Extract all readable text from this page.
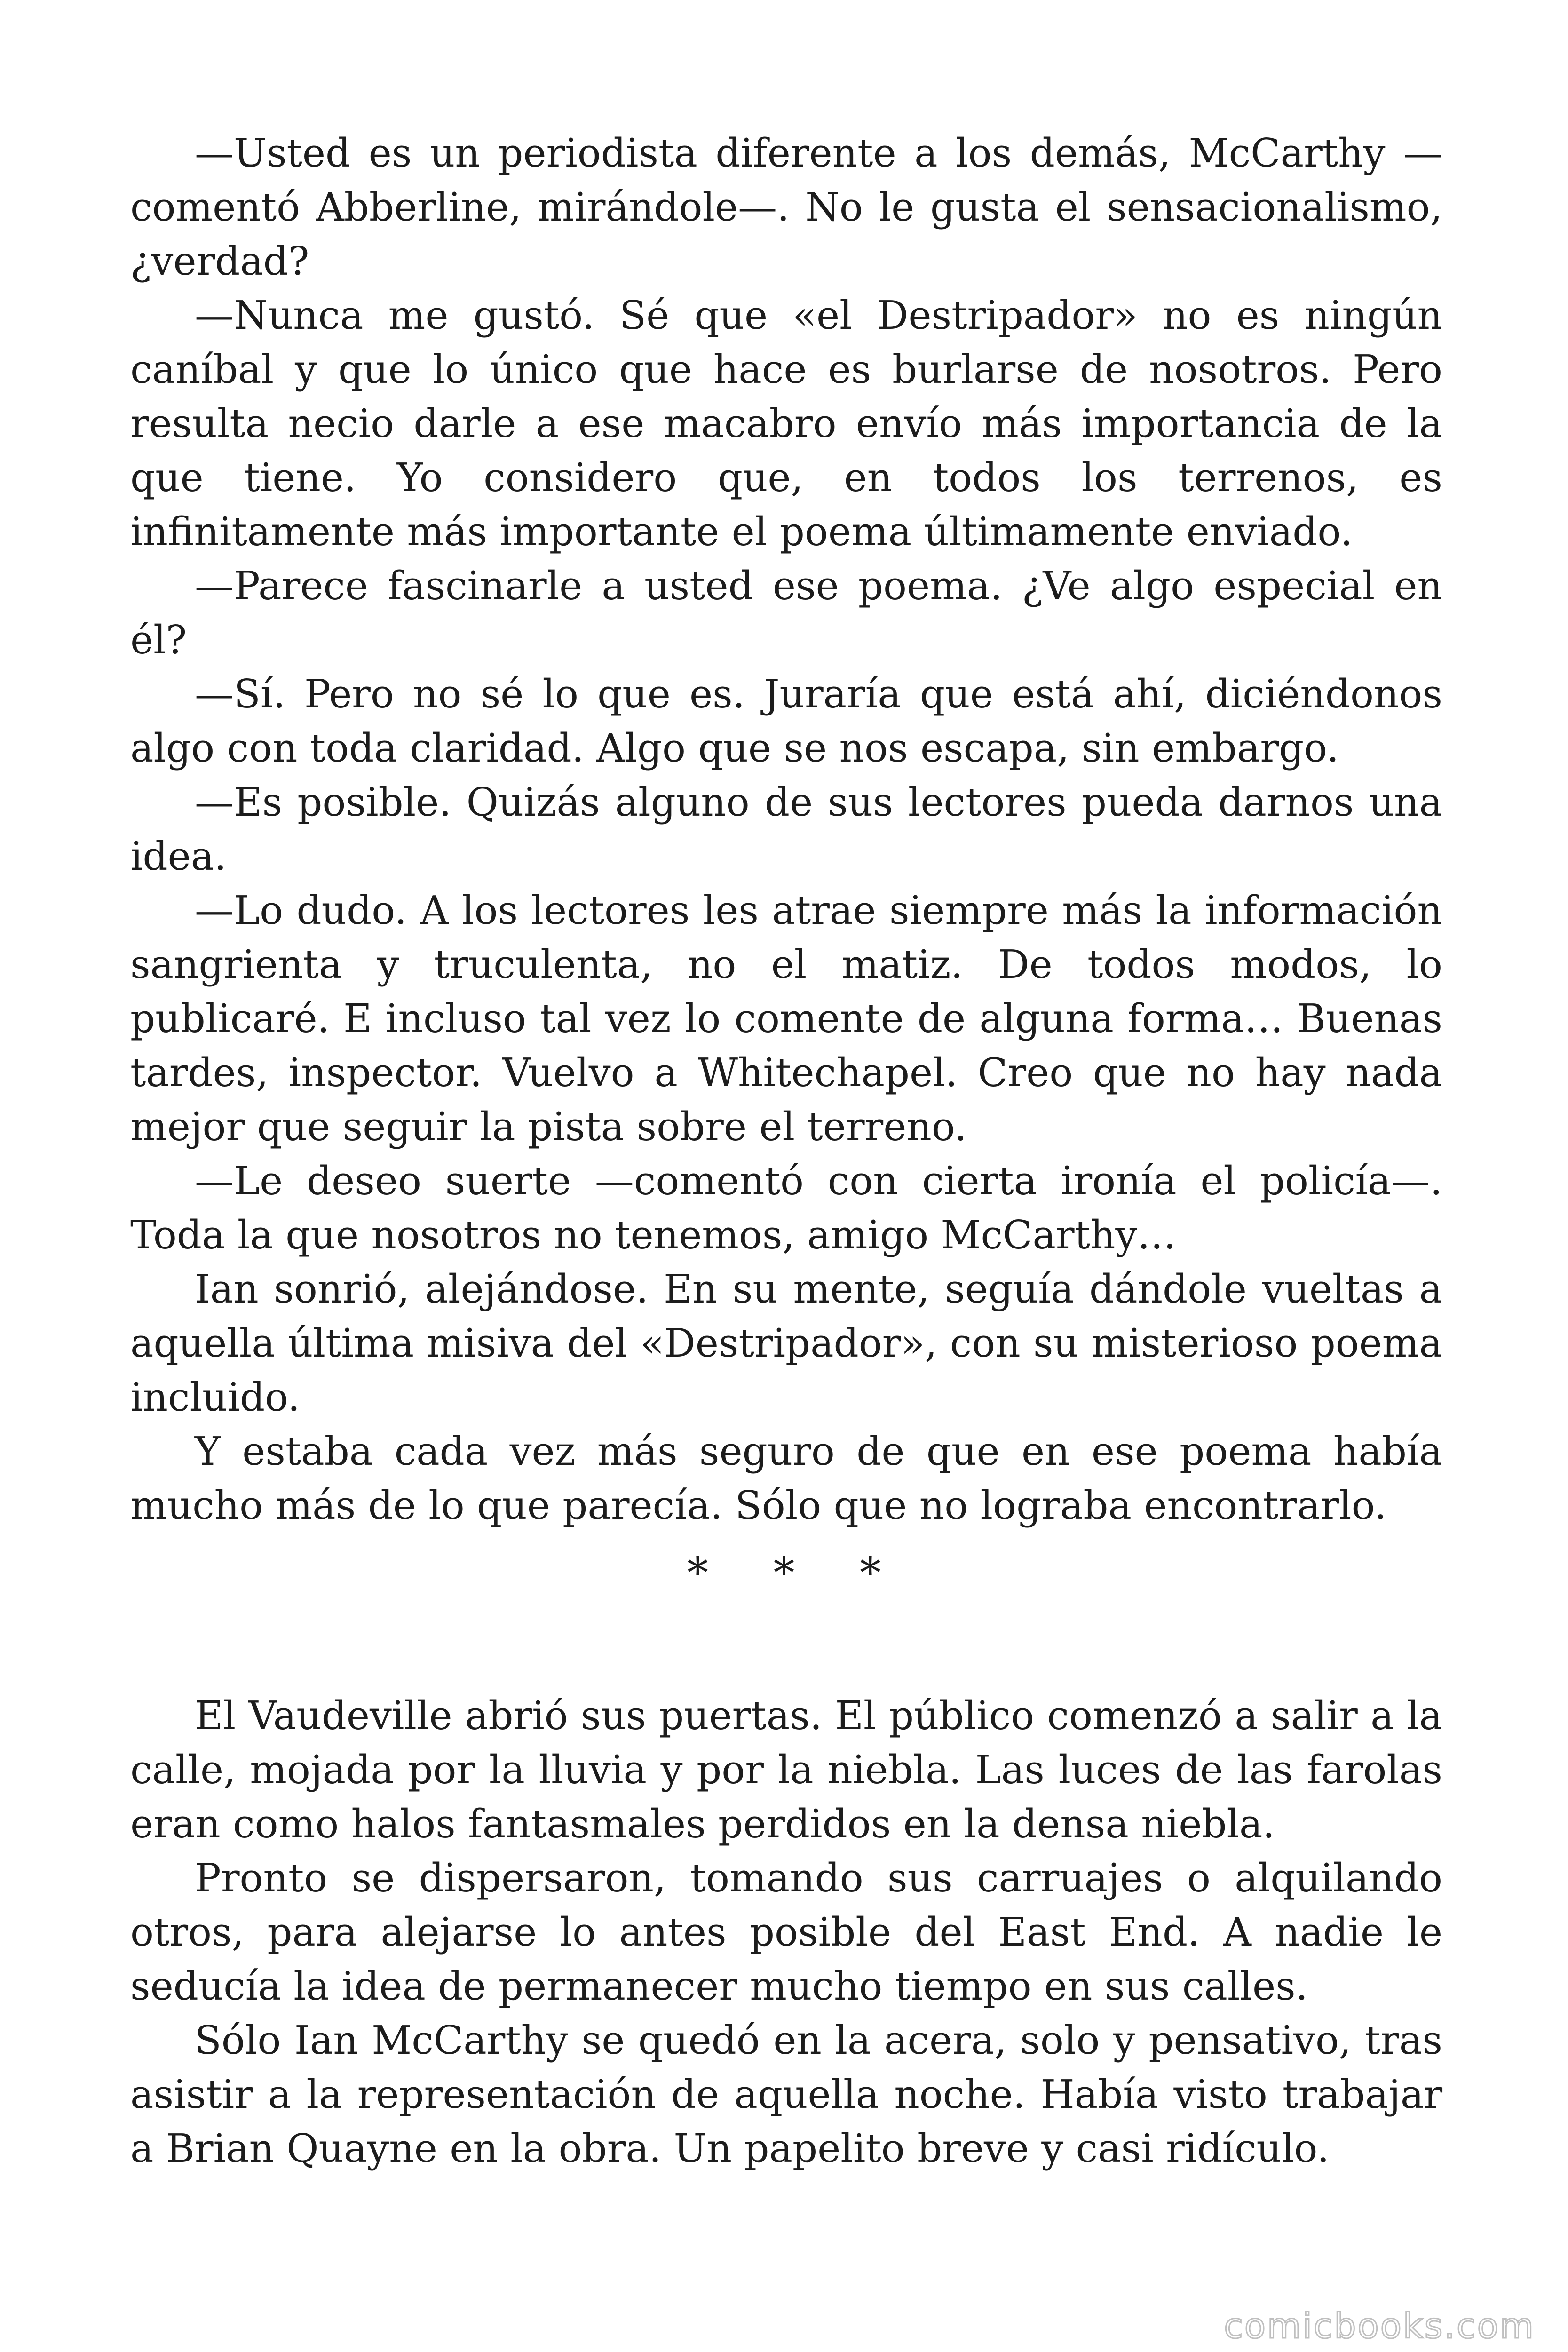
—Usted es un periodista diferente a los demás, McCarthy —comentó Abberline, mirándole—. No le gusta el sensacionalismo, ¿verdad?

—Nunca me gustó. Sé que «el Destripador» no es ningún caníbal y que lo único que hace es burlarse de nosotros. Pero resulta necio darle a ese macabro envío más importancia de la que tiene. Yo considero que, en todos los terrenos, es infinitamente más importante el poema últimamente enviado.

—Parece fascinarle a usted ese poema. ¿Ve algo especial en él?

—Sí. Pero no sé lo que es. Juraría que está ahí, diciéndonos algo con toda claridad. Algo que se nos escapa, sin embargo.

—Es posible. Quizás alguno de sus lectores pueda darnos una idea.

—Lo dudo. A los lectores les atrae siempre más la información sangrienta y truculenta, no el matiz. De todos modos, lo publicaré. E incluso tal vez lo comente de alguna forma… Buenas tardes, inspector. Vuelvo a Whitechapel. Creo que no hay nada mejor que seguir la pista sobre el terreno.

—Le deseo suerte —comentó con cierta ironía el policía—. Toda la que nosotros no tenemos, amigo McCarthy…

Ian sonrió, alejándose. En su mente, seguía dándole vueltas a aquella última misiva del «Destripador», con su misterioso poema incluido.

Y estaba cada vez más seguro de que en ese poema había mucho más de lo que parecía. Sólo que no lograba encontrarlo.

* * *

El Vaudeville abrió sus puertas. El público comenzó a salir a la calle, mojada por la lluvia y por la niebla. Las luces de las farolas eran como halos fantasmales perdidos en la densa niebla.

Pronto se dispersaron, tomando sus carruajes o alquilando otros, para alejarse lo antes posible del East End. A nadie le seducía la idea de permanecer mucho tiempo en sus calles.

Sólo Ian McCarthy se quedó en la acera, solo y pensativo, tras asistir a la representación de aquella noche. Había visto trabajar a Brian Quayne en la obra. Un papelito breve y casi ridículo.

comicbooks.com
